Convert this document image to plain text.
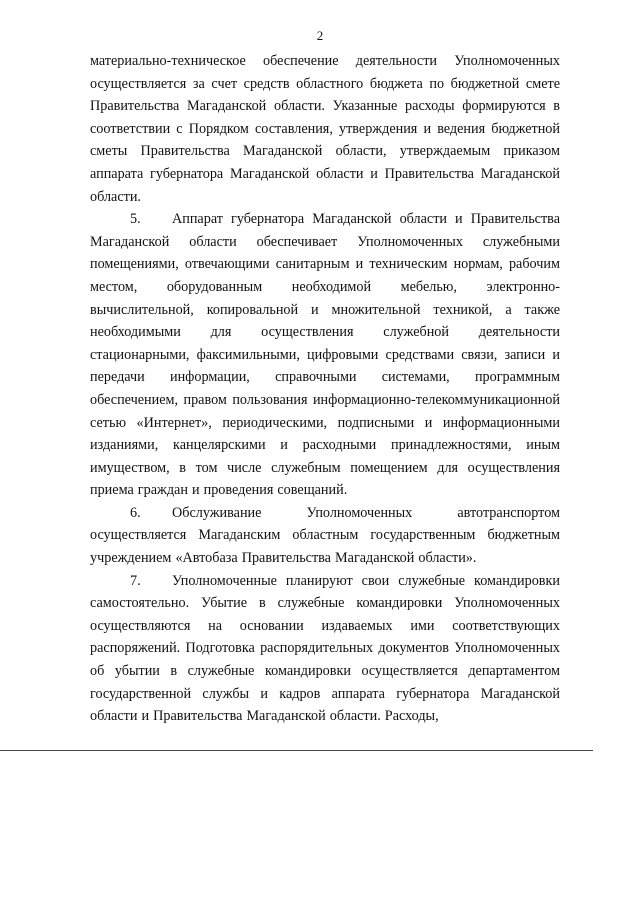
2

материально-техническое обеспечение деятельности Уполномоченных осуществляется за счет средств областного бюджета по бюджетной смете Правительства Магаданской области. Указанные расходы формируются в соответствии с Порядком составления, утверждения и ведения бюджетной сметы Правительства Магаданской области, утверждаемым приказом аппарата губернатора Магаданской области и Правительства Магаданской области.

5. Аппарат губернатора Магаданской области и Правительства Магаданской области обеспечивает Уполномоченных служебными помещениями, отвечающими санитарным и техническим нормам, рабочим местом, оборудованным необходимой мебелью, электронно-вычислительной, копировальной и множительной техникой, а также необходимыми для осуществления служебной деятельности стационарными, факсимильными, цифровыми средствами связи, записи и передачи информации, справочными системами, программным обеспечением, правом пользования информационно-телекоммуникационной сетью «Интернет», периодическими, подписными и информационными изданиями, канцелярскими и расходными принадлежностями, иным имуществом, в том числе служебным помещением для осуществления приема граждан и проведения совещаний.

6. Обслуживание Уполномоченных автотранспортом осуществляется Магаданским областным государственным бюджетным учреждением «Автобаза Правительства Магаданской области».

7. Уполномоченные планируют свои служебные командировки самостоятельно. Убытие в служебные командировки Уполномоченных осуществляются на основании издаваемых ими соответствующих распоряжений. Подготовка распорядительных документов Уполномоченных об убытии в служебные командировки осуществляется департаментом государственной службы и кадров аппарата губернатора Магаданской области и Правительства Магаданской области. Расходы,
